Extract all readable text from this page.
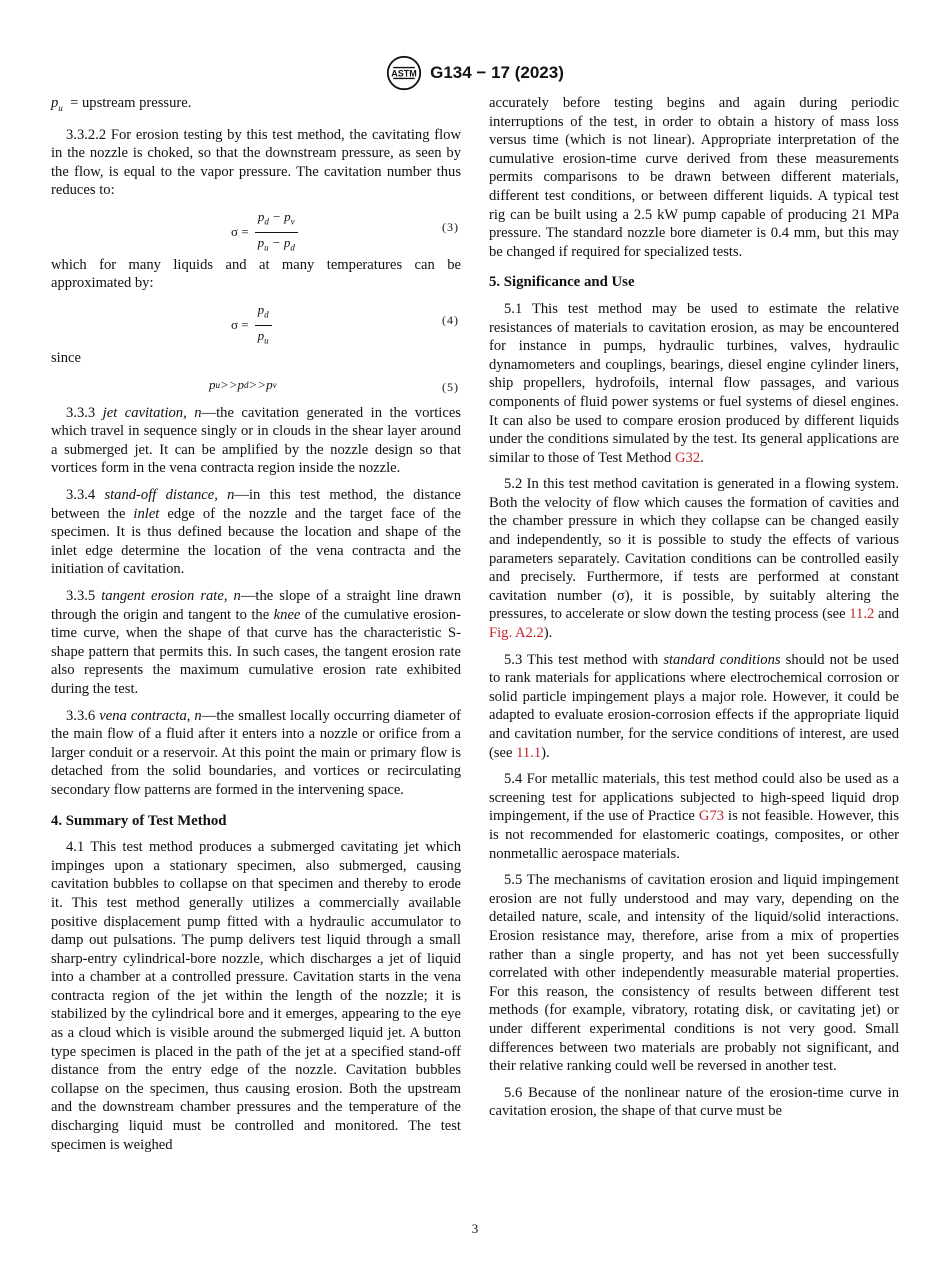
ASTM G134 − 17 (2023)

$p_u$ = upstream pressure.

3.3.2.2 For erosion testing by this test method, the cavitating flow in the nozzle is choked, so that the downstream pressure, as seen by the flow, is equal to the vapor pressure. The cavitation number thus reduces to:

$\sigma = \frac{p_d - p_v}{p_u - p_d}$	(3)

which for many liquids and at many temperatures can be approximated by:

$\sigma = \frac{p_d}{p_u}$	(4)

since

p u >>p d >>p v	(5)

3.3.3 jet cavitation, n—the cavitation generated in the vortices which travel in sequence singly or in clouds in the shear layer around a submerged jet. It can be amplified by the nozzle design so that vortices form in the vena contracta region inside the nozzle.

3.3.4 stand-off distance, n—in this test method, the distance between the inlet edge of the nozzle and the target face of the specimen. It is thus defined because the location and shape of the inlet edge determine the location of the vena contracta and the initiation of cavitation.

3.3.5 tangent erosion rate, n—the slope of a straight line drawn through the origin and tangent to the knee of the cumulative erosion-time curve, when the shape of that curve has the characteristic S-shape pattern that permits this. In such cases, the tangent erosion rate also represents the maximum cumulative erosion rate exhibited during the test.

3.3.6 vena contracta, n—the smallest locally occurring diameter of the main flow of a fluid after it enters into a nozzle or orifice from a larger conduit or a reservoir. At this point the main or primary flow is detached from the solid boundaries, and vortices or recirculating secondary flow patterns are formed in the intervening space.

4. Summary of Test Method

4.1 This test method produces a submerged cavitating jet which impinges upon a stationary specimen, also submerged, causing cavitation bubbles to collapse on that specimen and thereby to erode it. This test method generally utilizes a commercially available positive displacement pump fitted with a hydraulic accumulator to damp out pulsations. The pump delivers test liquid through a small sharp-entry cylindrical-bore nozzle, which discharges a jet of liquid into a chamber at a controlled pressure. Cavitation starts in the vena contracta region of the jet within the length of the nozzle; it is stabilized by the cylindrical bore and it emerges, appearing to the eye as a cloud which is visible around the submerged liquid jet. A button type specimen is placed in the path of the jet at a specified stand-off distance from the entry edge of the nozzle. Cavitation bubbles collapse on the specimen, thus causing erosion. Both the upstream and the downstream chamber pressures and the temperature of the discharging liquid must be controlled and monitored. The test specimen is weighed

accurately before testing begins and again during periodic interruptions of the test, in order to obtain a history of mass loss versus time (which is not linear). Appropriate interpretation of the cumulative erosion-time curve derived from these measurements permits comparisons to be drawn between different materials, different test conditions, or between different liquids. A typical test rig can be built using a 2.5 kW pump capable of producing 21 MPa pressure. The standard nozzle bore diameter is 0.4 mm, but this may be changed if required for specialized tests.

5. Significance and Use

5.1 This test method may be used to estimate the relative resistances of materials to cavitation erosion, as may be encountered for instance in pumps, hydraulic turbines, valves, hydraulic dynamometers and couplings, bearings, diesel engine cylinder liners, ship propellers, hydrofoils, internal flow passages, and various components of fluid power systems or fuel systems of diesel engines. It can also be used to compare erosion produced by different liquids under the conditions simulated by the test. Its general applications are similar to those of Test Method G32.

5.2 In this test method cavitation is generated in a flowing system. Both the velocity of flow which causes the formation of cavities and the chamber pressure in which they collapse can be changed easily and independently, so it is possible to study the effects of various parameters separately. Cavitation conditions can be controlled easily and precisely. Furthermore, if tests are performed at constant cavitation number (σ), it is possible, by suitably altering the pressures, to accelerate or slow down the testing process (see 11.2 and Fig. A2.2).

5.3 This test method with standard conditions should not be used to rank materials for applications where electrochemical corrosion or solid particle impingement plays a major role. However, it could be adapted to evaluate erosion-corrosion effects if the appropriate liquid and cavitation number, for the service conditions of interest, are used (see 11.1).

5.4 For metallic materials, this test method could also be used as a screening test for applications subjected to high-speed liquid drop impingement, if the use of Practice G73 is not feasible. However, this is not recommended for elastomeric coatings, composites, or other nonmetallic aerospace materials.

5.5 The mechanisms of cavitation erosion and liquid impingement erosion are not fully understood and may vary, depending on the detailed nature, scale, and intensity of the liquid/solid interactions. Erosion resistance may, therefore, arise from a mix of properties rather than a single property, and has not yet been successfully correlated with other independently measurable material properties. For this reason, the consistency of results between different test methods (for example, vibratory, rotating disk, or cavitating jet) or under different experimental conditions is not very good. Small differences between two materials are probably not significant, and their relative ranking could well be reversed in another test.

5.6 Because of the nonlinear nature of the erosion-time curve in cavitation erosion, the shape of that curve must be

3
